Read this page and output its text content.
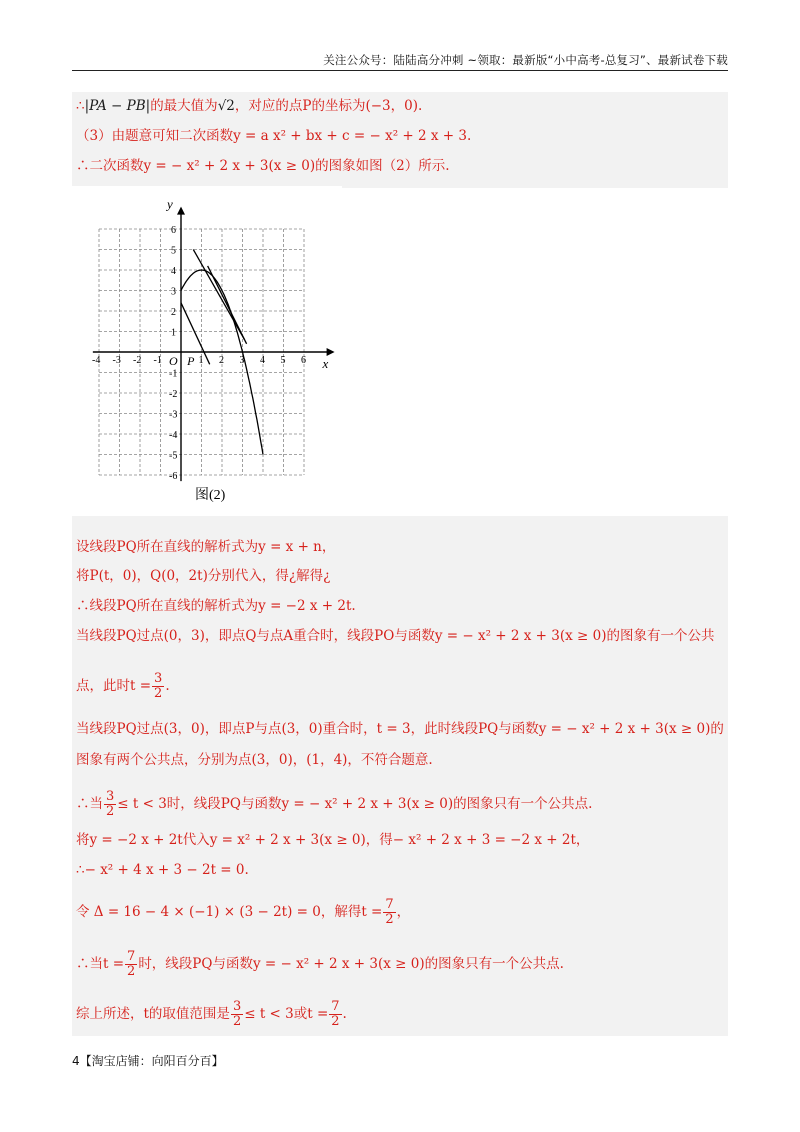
关注公众号：陆陆高分冲刺 ~领取：最新版“小中高考-总复习”、最新试卷下载
∴|PA − PB|的最大值为√2，对应的点P的坐标为(−3，0).
（3）由题意可知二次函数y = a x² + bx + c = − x² + 2 x + 3.
∴二次函数y = − x² + 2 x + 3(x ≥ 0)的图象如图（2）所示.
x
y
O P
-4 -3 -2 -1	1 2 3 4 5 6
1
2
3
4
5
6
-1
-2
-3
-4
-5
-6
图(2)
设线段PQ所在直线的解析式为y = x + n，
将P(t，0)，Q(0，2t)分别代入，得¿解得¿
∴线段PQ所在直线的解析式为y = −2 x + 2t.
当线段PQ过点(0，3)，即点Q与点A重合时，线段PO与函数y = − x² + 2 x + 3(x ≥ 0)的图象有一个公共
点，此时$t = \frac{3}{2}$ .
当线段PQ过点(3，0)，即点P与点(3，0)重合时，t = 3，此时线段PQ与函数y = − x² + 2 x + 3(x ≥ 0)的
图象有两个公共点，分别为点(3，0)，(1，4)，不符合题意.
∴当 $\frac{3}{2} \le t < 3$时，线段PQ与函数y = − x² + 2 x + 3(x ≥ 0)的图象只有一个公共点.
将y = −2 x + 2t代入y = x² + 2 x + 3(x ≥ 0)，得− x² + 2 x + 3 = −2 x + 2t，
∴− x² + 4 x + 3 − 2t = 0.
令 Δ = 16 − 4 × (−1) × (3 − 2t) = 0，解得$t = \frac{7}{2}$ ，
∴当$t = \frac{7}{2}$ 时，线段PQ与函数y = − x² + 2 x + 3(x ≥ 0)的图象只有一个公共点.
综上所述，t的取值范围是 $\frac{3}{2} \le t < 3$或$t = \frac{7}{2}$ .
4【淘宝店铺：向阳百分百】
